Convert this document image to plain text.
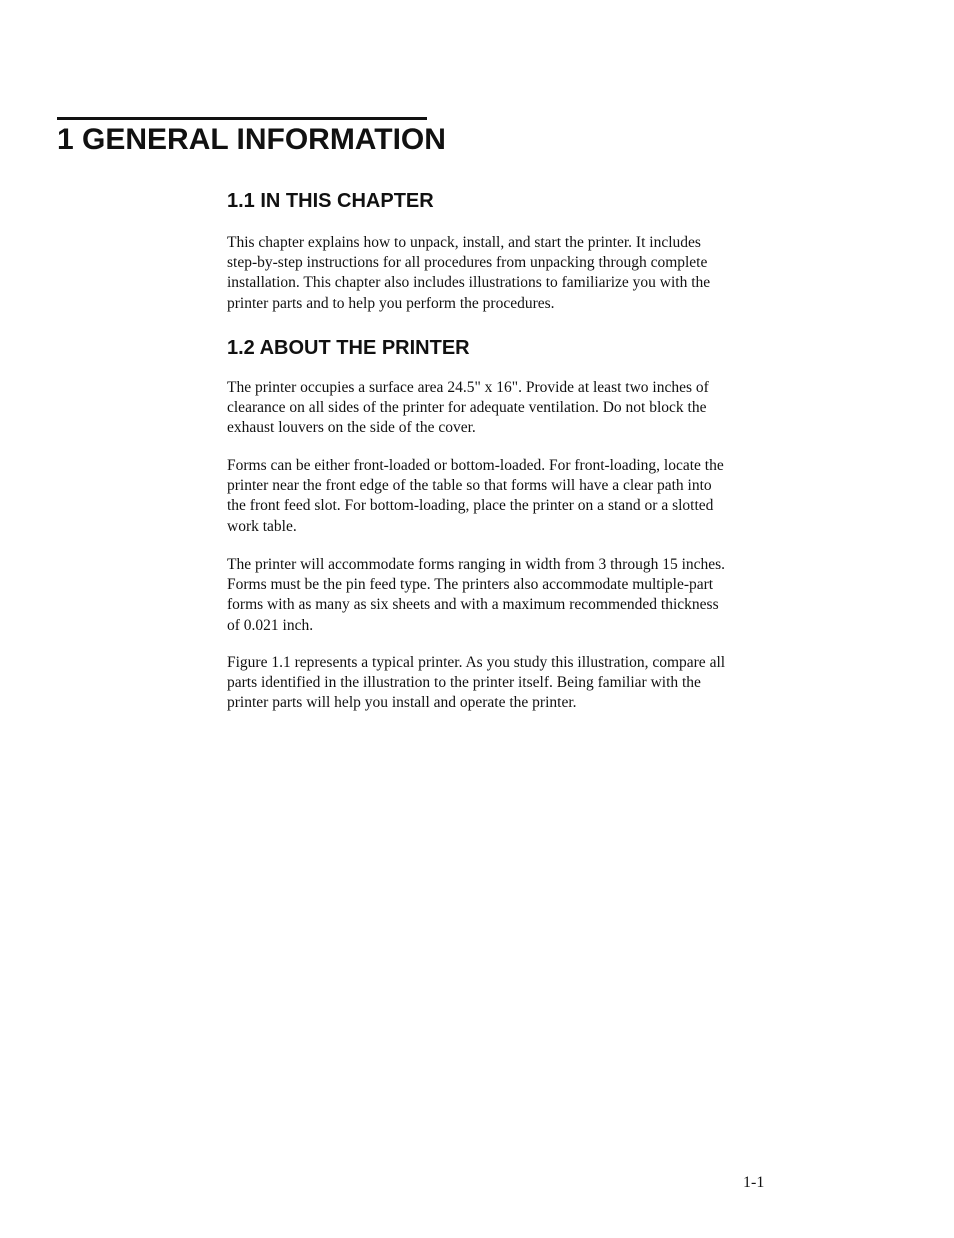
1 GENERAL INFORMATION
1.1 IN THIS CHAPTER

This chapter explains how to unpack, install, and start the printer. It includes
step-by-step instructions for all procedures from unpacking through complete
installation. This chapter also includes illustrations to familiarize you with the
printer parts and to help you perform the procedures.

1.2 ABOUT THE PRINTER

The printer occupies a surface area 24.5" x 16". Provide at least two inches of
clearance on all sides of the printer for adequate ventilation. Do not block the
exhaust louvers on the side of the cover.

Forms can be either front-loaded or bottom-loaded. For front-loading, locate the
printer near the front edge of the table so that forms will have a clear path into
the front feed slot. For bottom-loading, place the printer on a stand or a slotted
work table.

The printer will accommodate forms ranging in width from 3 through 15 inches.
Forms must be the pin feed type. The printers also accommodate multiple-part
forms with as many as six sheets and with a maximum recommended thickness
of 0.021 inch.

Figure 1.1 represents a typical printer. As you study this illustration, compare all
parts identified in the illustration to the printer itself. Being familiar with the
printer parts will help you install and operate the printer.

1-1
